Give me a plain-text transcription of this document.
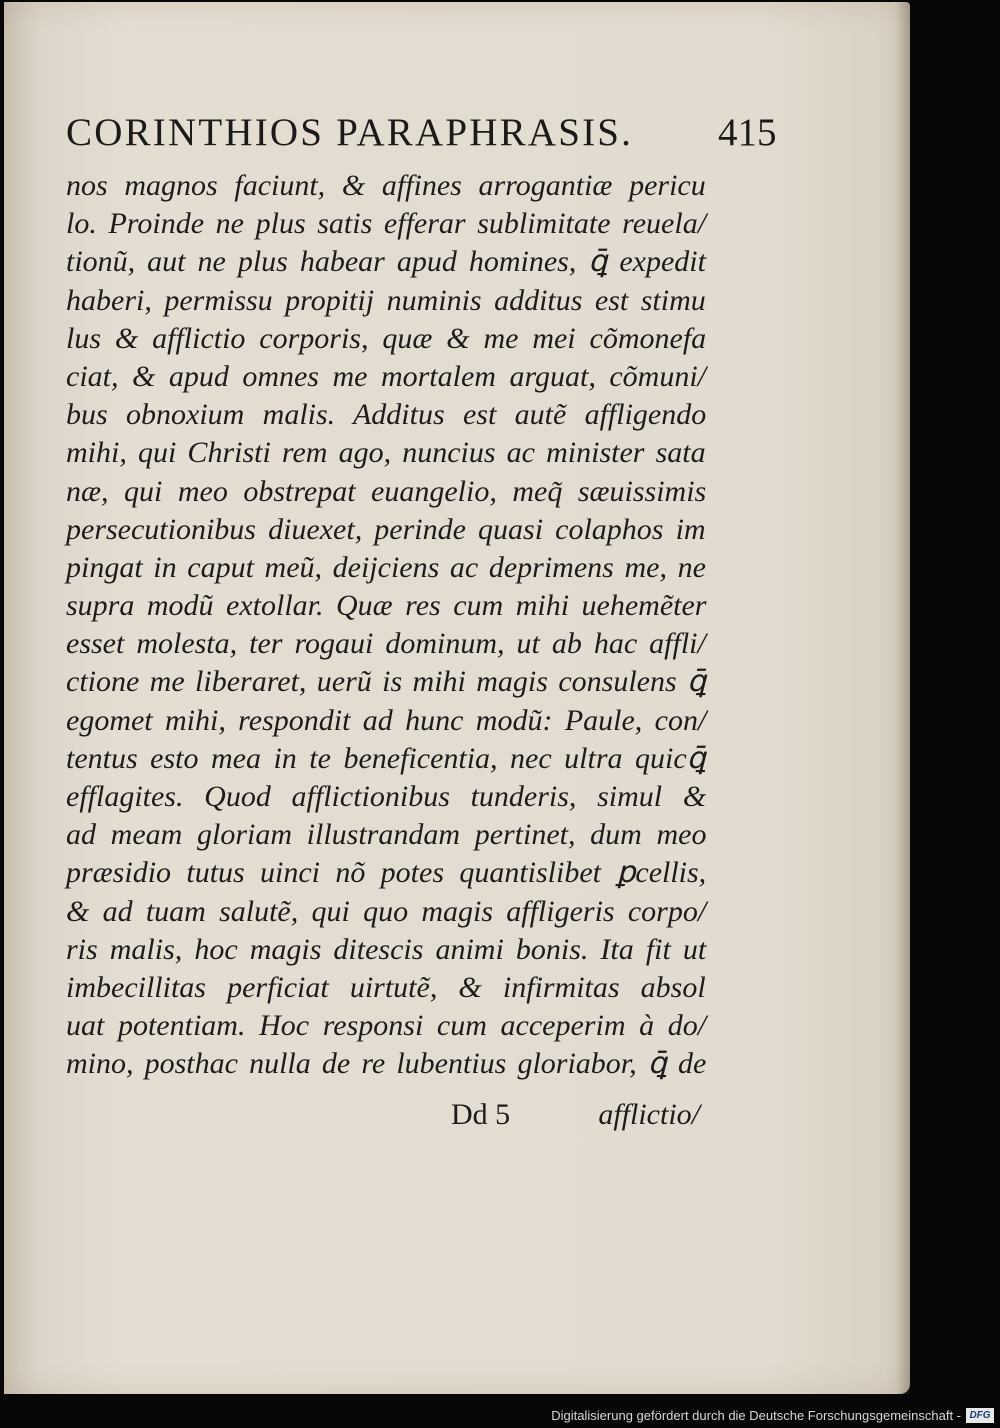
CORINTHIOS PARAPHRASIS. 415
nos magnos faciunt, & affines arrogantiæ pericu
lo. Proinde ne plus satis efferar sublimitate reuela/
tionũ, aut ne plus habear apud homines, ꝗ̄ expedit
haberi, permissu propitij numinis additus est stimu
lus & afflictio corporis, quæ & me mei cõmonefa
ciat, & apud omnes me mortalem arguat, cõmuni/
bus obnoxium malis. Additus est autẽ affligendo
mihi, qui Christi rem ago, nuncius ac minister sata
næ, qui meo obstrepat euangelio, meq̃ sæuissimis
persecutionibus diuexet, perinde quasi colaphos im
pingat in caput meũ, deijciens ac deprimens me, ne
supra modũ extollar. Quæ res cum mihi uehemẽter
esset molesta, ter rogaui dominum, ut ab hac affli/
ctione me liberaret, uerũ is mihi magis consulens ꝗ̄
egomet mihi, respondit ad hunc modũ: Paule, con/
tentus esto mea in te beneficentia, nec ultra quicꝗ̄
efflagites. Quod afflictionibus tunderis, simul &
ad meam gloriam illustrandam pertinet, dum meo
præsidio tutus uinci nõ potes quantislibet ꝑcellis,
& ad tuam salutẽ, qui quo magis affligeris corpo/
ris malis, hoc magis ditescis animi bonis. Ita fit ut
imbecillitas perficiat uirtutẽ, & infirmitas absol
uat potentiam. Hoc responsi cum acceperim à do/
mino, posthac nulla de re lubentius gloriabor, ꝗ̄ de
Dd 5	afflictio/
Digitalisierung gefördert durch die Deutsche Forschungsgemeinschaft - DFG
